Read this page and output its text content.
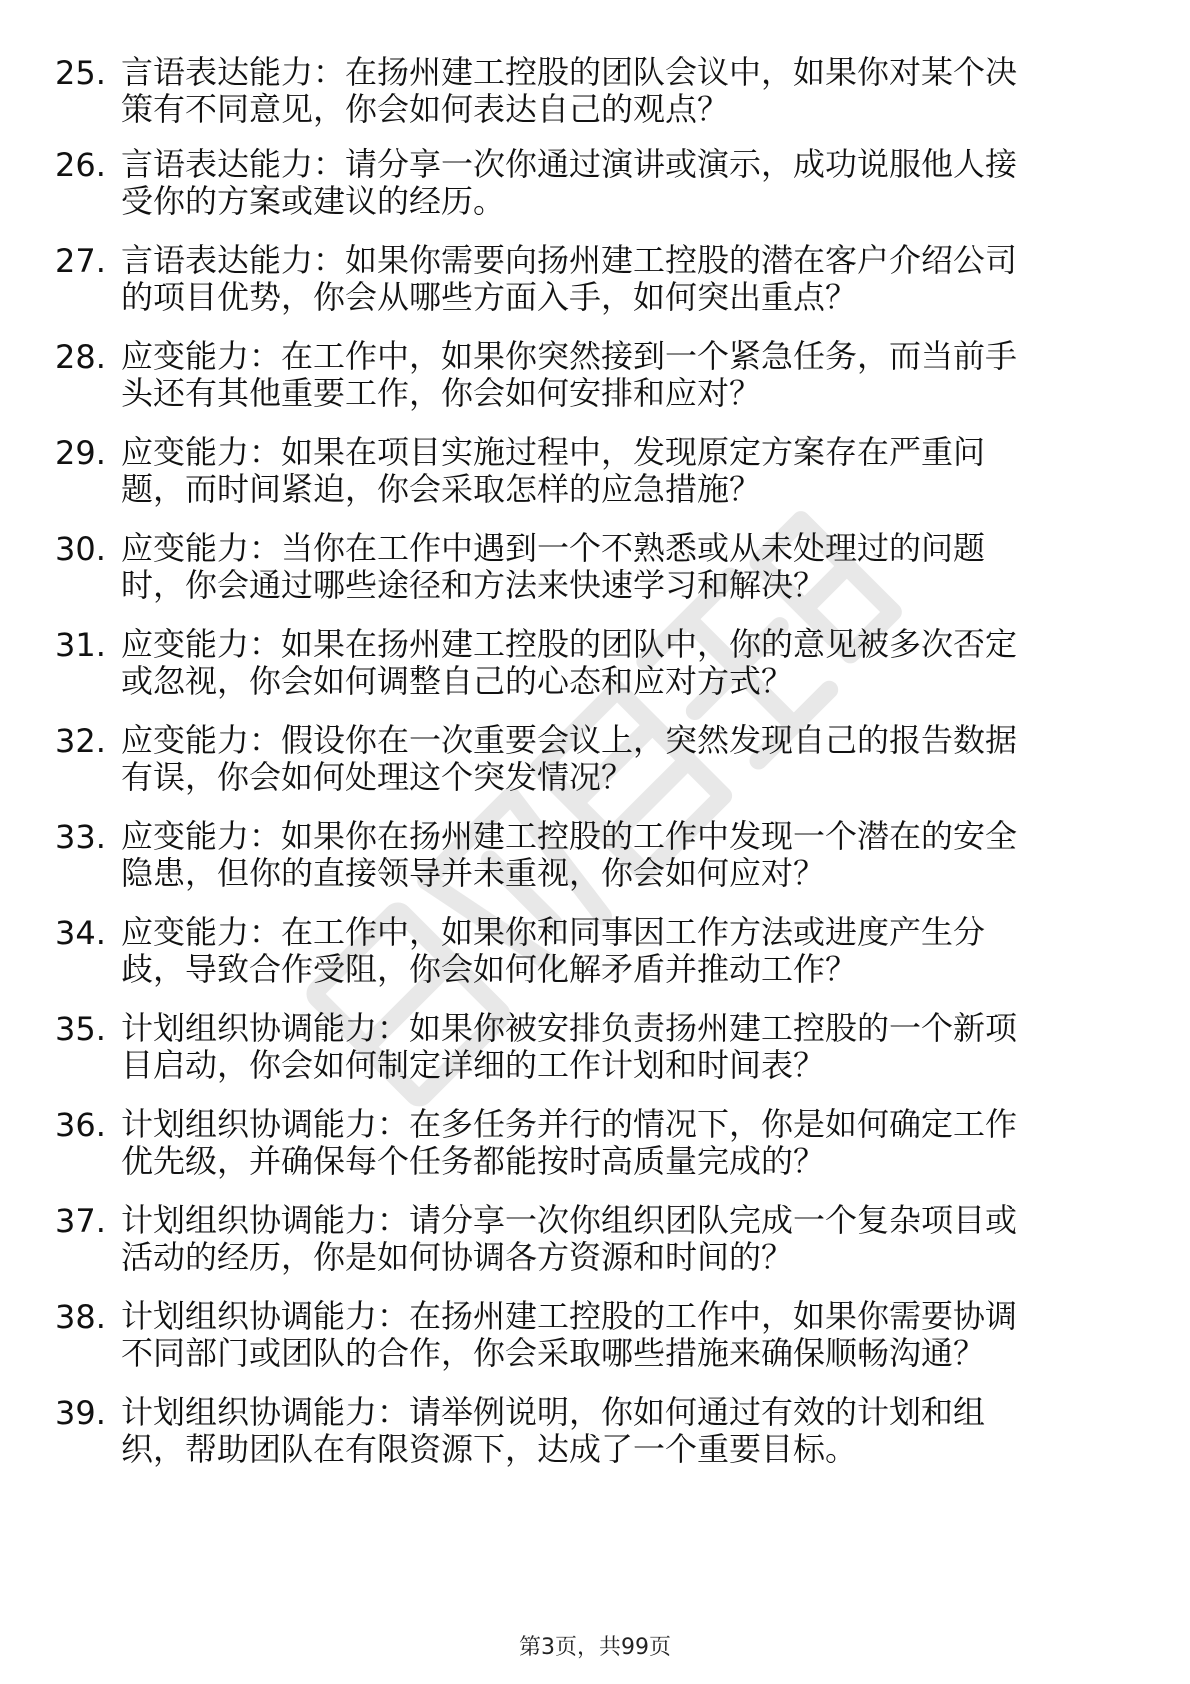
25. 言语表达能力：在扬州建工控股的团队会议中，如果你对某个决
策有不同意见，你会如何表达自己的观点？
26. 言语表达能力：请分享一次你通过演讲或演示，成功说服他人接
受你的方案或建议的经历。
27. 言语表达能力：如果你需要向扬州建工控股的潜在客户介绍公司
的项目优势，你会从哪些方面入手，如何突出重点？
28. 应变能力：在工作中，如果你突然接到一个紧急任务，而当前手
头还有其他重要工作，你会如何安排和应对？
29. 应变能力：如果在项目实施过程中，发现原定方案存在严重问
题，而时间紧迫，你会采取怎样的应急措施？
30. 应变能力：当你在工作中遇到一个不熟悉或从未处理过的问题
时，你会通过哪些途径和方法来快速学习和解决？
31. 应变能力：如果在扬州建工控股的团队中，你的意见被多次否定
或忽视，你会如何调整自己的心态和应对方式？
32. 应变能力：假设你在一次重要会议上，突然发现自己的报告数据
有误，你会如何处理这个突发情况？
33. 应变能力：如果你在扬州建工控股的工作中发现一个潜在的安全
隐患，但你的直接领导并未重视，你会如何应对？
34. 应变能力：在工作中，如果你和同事因工作方法或进度产生分
歧，导致合作受阻，你会如何化解矛盾并推动工作？
35. 计划组织协调能力：如果你被安排负责扬州建工控股的一个新项
目启动，你会如何制定详细的工作计划和时间表？
36. 计划组织协调能力：在多任务并行的情况下，你是如何确定工作
优先级，并确保每个任务都能按时高质量完成的？
37. 计划组织协调能力：请分享一次你组织团队完成一个复杂项目或
活动的经历，你是如何协调各方资源和时间的？
38. 计划组织协调能力：在扬州建工控股的工作中，如果你需要协调
不同部门或团队的合作，你会采取哪些措施来确保顺畅沟通？
39. 计划组织协调能力：请举例说明，你如何通过有效的计划和组
织，帮助团队在有限资源下，达成了一个重要目标。
第3页，共99页
